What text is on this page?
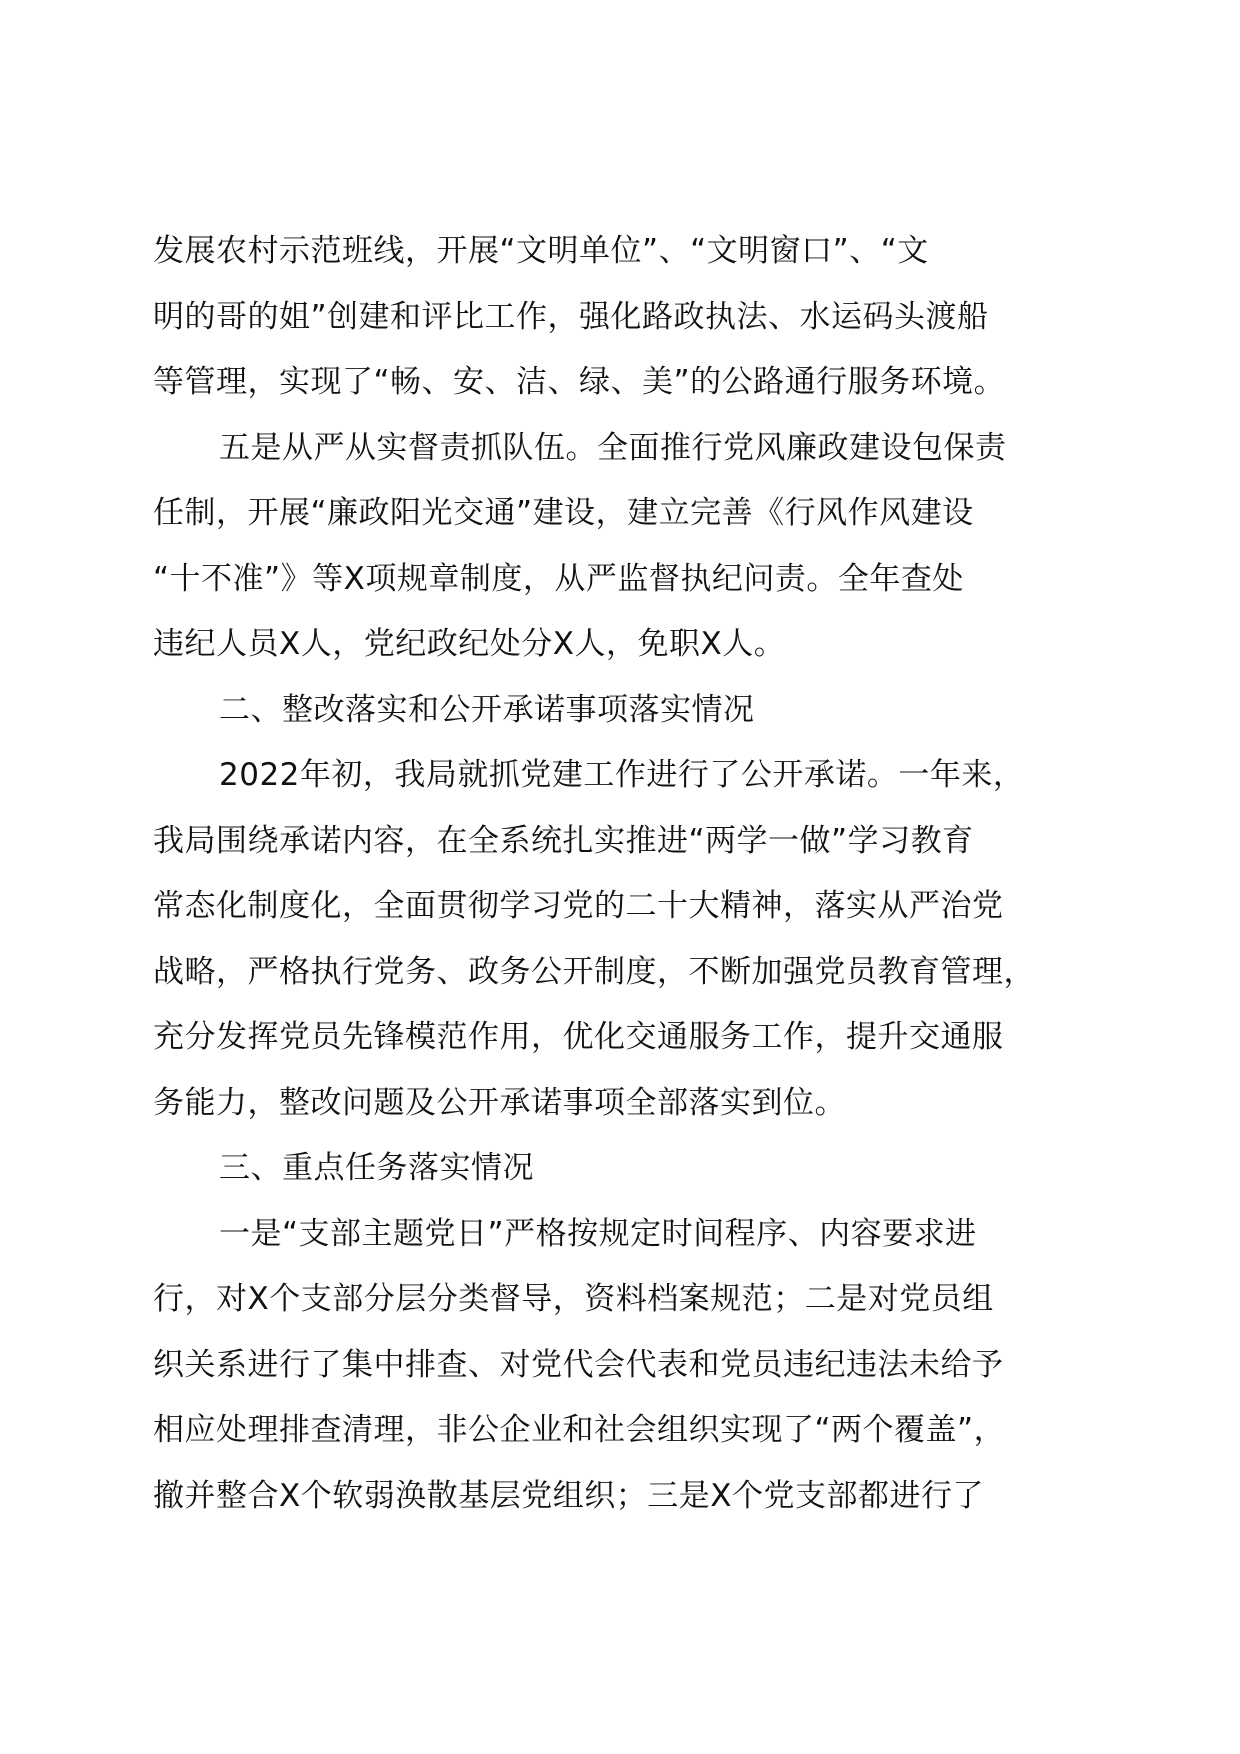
发展农村示范班线，开展“文明单位”、“文明窗口”、“文
明的哥的姐”创建和评比工作，强化路政执法、水运码头渡船
等管理，实现了“畅、安、洁、绿、美”的公路通行服务环境。
五是从严从实督责抓队伍。全面推行党风廉政建设包保责
任制，开展“廉政阳光交通”建设，建立完善《行风作风建设
“十不准”》等X项规章制度，从严监督执纪问责。全年查处
违纪人员X人，党纪政纪处分X人，免职X人。
二、整改落实和公开承诺事项落实情况
2022年初，我局就抓党建工作进行了公开承诺。一年来，
我局围绕承诺内容，在全系统扎实推进“两学一做”学习教育
常态化制度化，全面贯彻学习党的二十大精神，落实从严治党
战略，严格执行党务、政务公开制度，不断加强党员教育管理，
充分发挥党员先锋模范作用，优化交通服务工作，提升交通服
务能力，整改问题及公开承诺事项全部落实到位。
三、重点任务落实情况
一是“支部主题党日”严格按规定时间程序、内容要求进
行，对X个支部分层分类督导，资料档案规范；二是对党员组
织关系进行了集中排查、对党代会代表和党员违纪违法未给予
相应处理排查清理，非公企业和社会组织实现了“两个覆盖”，
撤并整合X个软弱涣散基层党组织；三是X个党支部都进行了
